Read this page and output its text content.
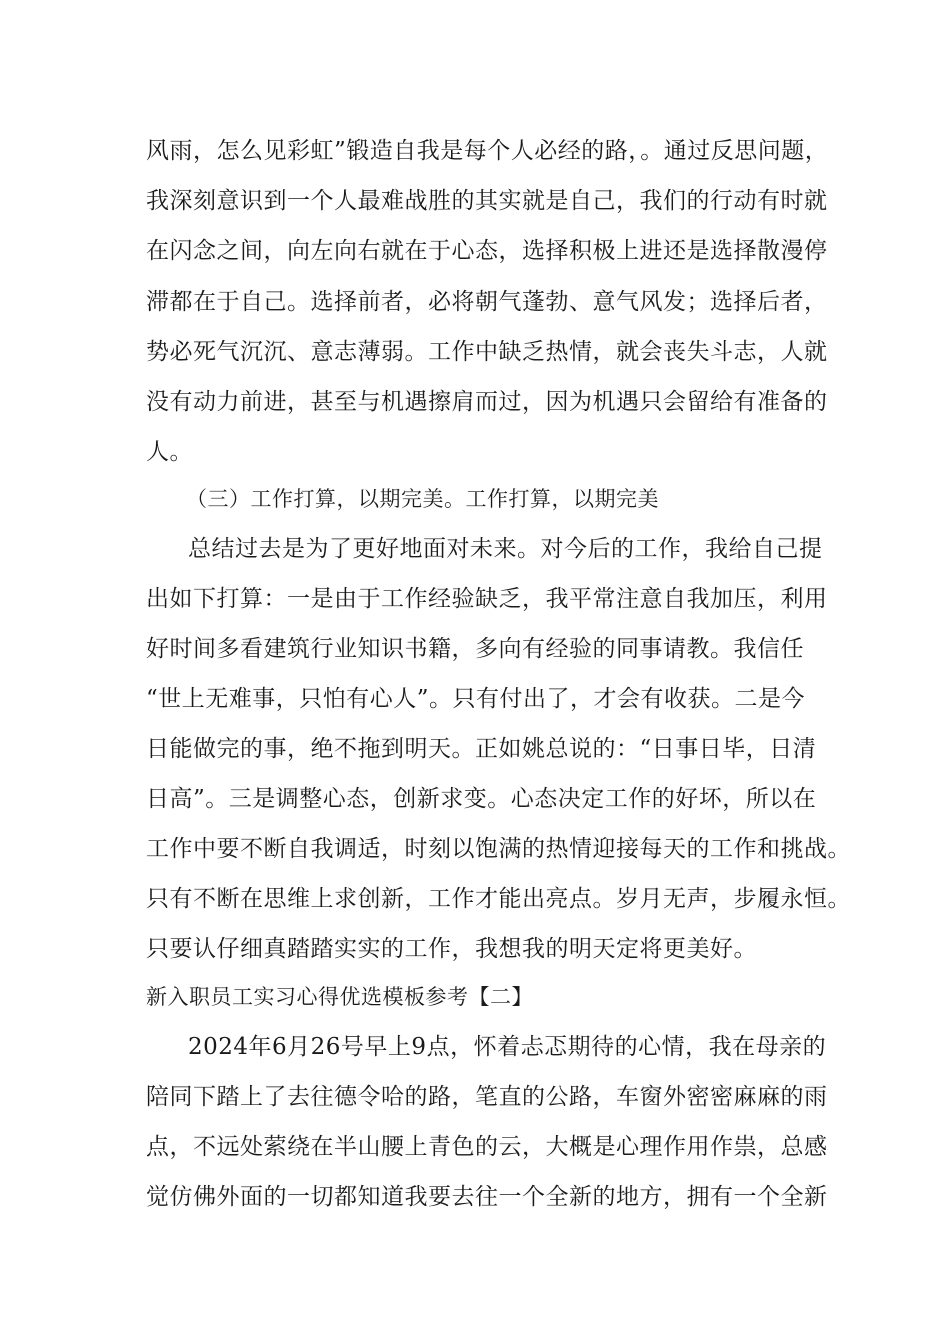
风雨，怎么见彩虹”锻造自我是每个人必经的路，。通过反思问题，
我深刻意识到一个人最难战胜的其实就是自己，我们的行动有时就
在闪念之间，向左向右就在于心态，选择积极上进还是选择散漫停
滞都在于自己。选择前者，必将朝气蓬勃、意气风发；选择后者，
势必死气沉沉、意志薄弱。工作中缺乏热情，就会丧失斗志，人就
没有动力前进，甚至与机遇擦肩而过，因为机遇只会留给有准备的
人。
（三）工作打算，以期完美。工作打算，以期完美
总结过去是为了更好地面对未来。对今后的工作，我给自己提
出如下打算：一是由于工作经验缺乏，我平常注意自我加压，利用
好时间多看建筑行业知识书籍，多向有经验的同事请教。我信任
“世上无难事，只怕有心人”。只有付出了，才会有收获。二是今
日能做完的事，绝不拖到明天。正如姚总说的：“日事日毕，日清
日高”。三是调整心态，创新求变。心态决定工作的好坏，所以在
工作中要不断自我调适，时刻以饱满的热情迎接每天的工作和挑战。
只有不断在思维上求创新，工作才能出亮点。岁月无声，步履永恒。
只要认仔细真踏踏实实的工作，我想我的明天定将更美好。
新入职员工实习心得优选模板参考【二】
2024年6月26号早上9点，怀着忐忑期待的心情，我在母亲的
陪同下踏上了去往德令哈的路，笔直的公路，车窗外密密麻麻的雨
点，不远处萦绕在半山腰上青色的云，大概是心理作用作祟，总感
觉仿佛外面的一切都知道我要去往一个全新的地方，拥有一个全新
